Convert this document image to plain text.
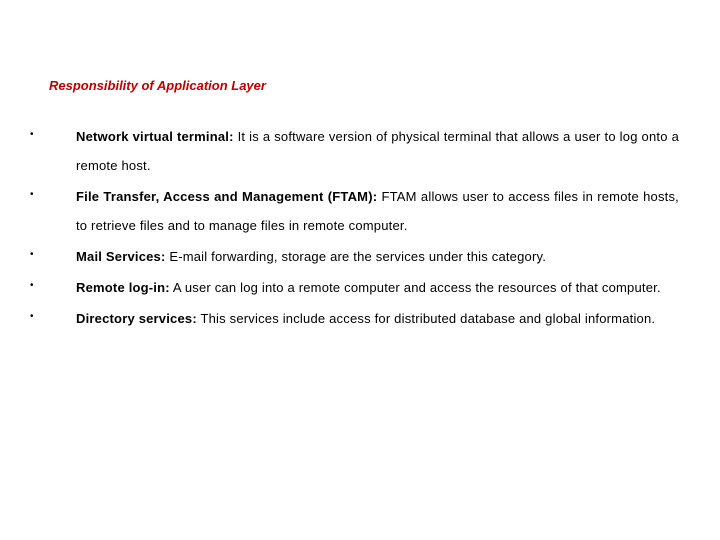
Responsibility of Application Layer
•	Network virtual terminal: It is a software version of physical terminal that allows a user to log onto a remote host.
•	File Transfer, Access and Management (FTAM): FTAM allows user to access files in remote hosts, to retrieve files and to manage files in remote computer.
•	Mail Services: E-mail forwarding, storage are the services under this category.
•	Remote log-in: A user can log into a remote computer and access the resources of that computer.
•	Directory services: This services include access for distributed database and global information.
